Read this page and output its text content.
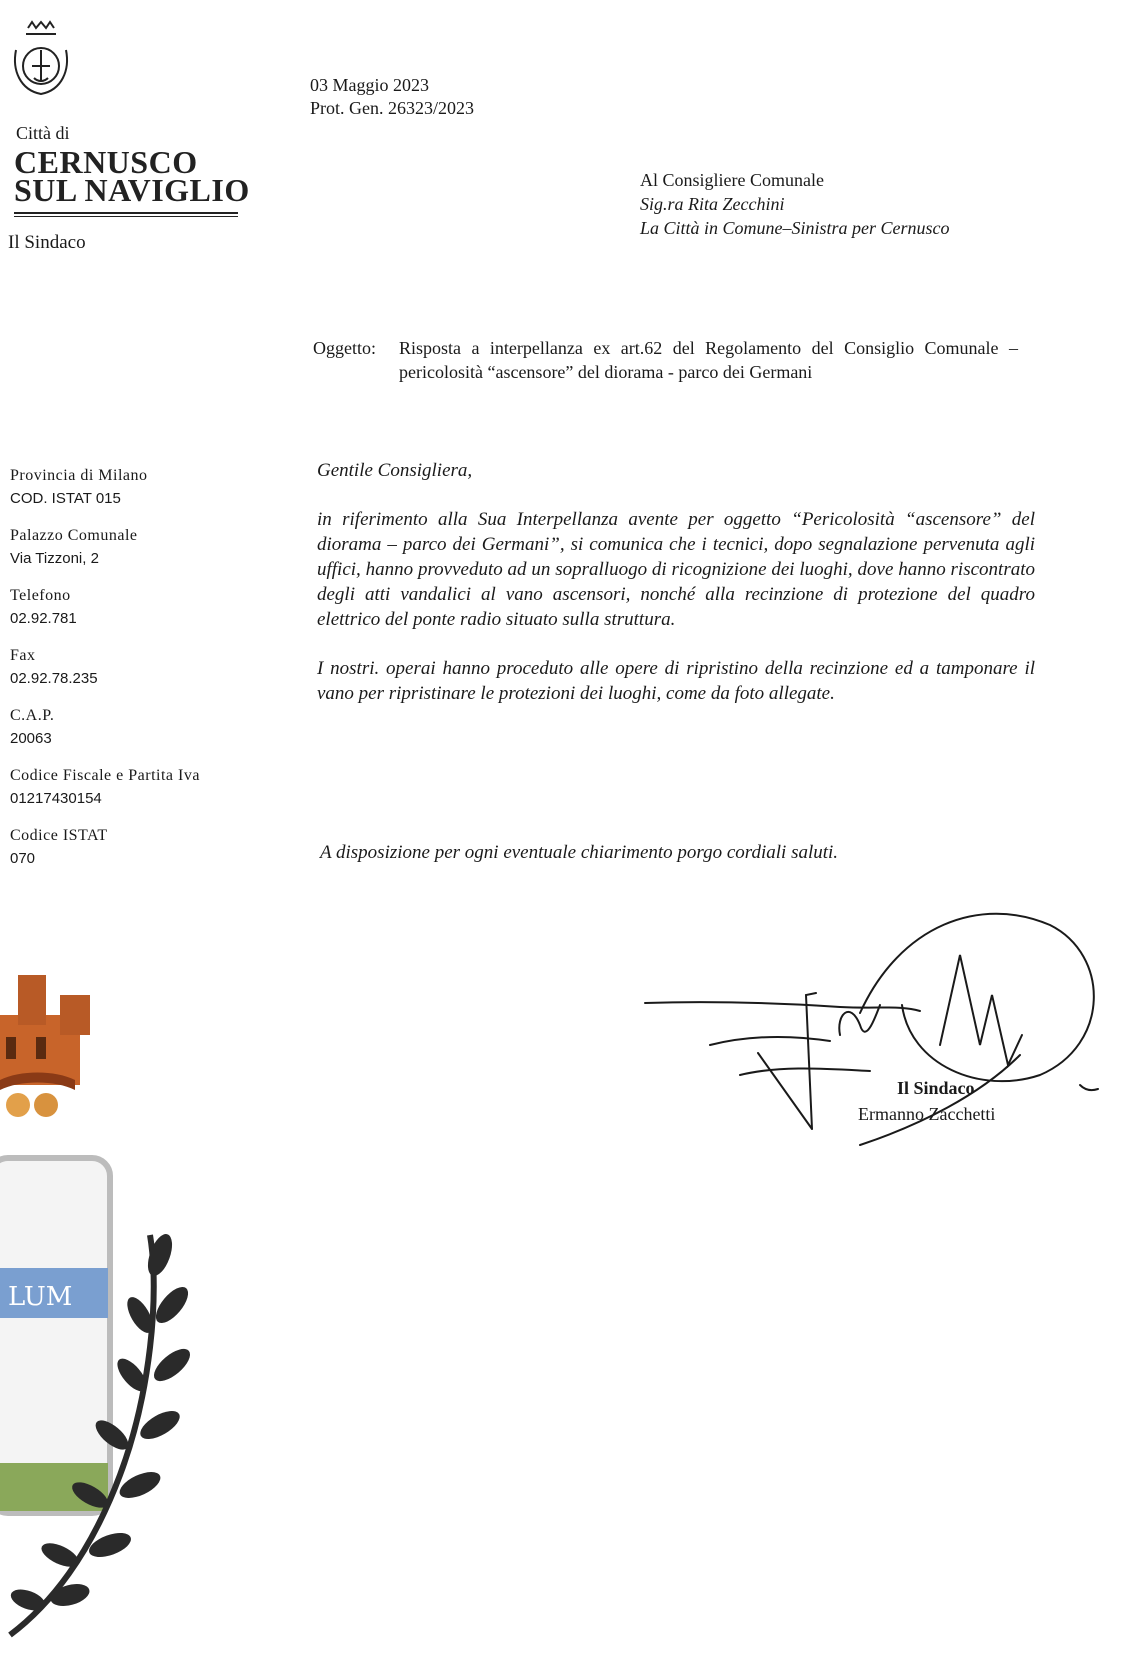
Città di
CERNUSCO
SUL NAVIGLIO
Il Sindaco
03 Maggio 2023
Prot. Gen. 26323/2023
Al Consigliere Comunale
Sig.ra Rita Zecchini
La Città in Comune–Sinistra per Cernusco
Oggetto:	Risposta a interpellanza ex art.62 del Regolamento del Consiglio Comunale – pericolosità “ascensore” del diorama - parco dei Germani
Provincia di Milano
COD. ISTAT 015
Palazzo Comunale
Via Tizzoni, 2
Telefono
02.92.781
Fax
02.92.78.235
C.A.P.
20063
Codice Fiscale e Partita Iva
01217430154
Codice ISTAT
070

Gentile Consigliera,

in riferimento alla Sua Interpellanza avente per oggetto “Pericolosità “ascensore” del diorama – parco dei Germani”, si comunica che i tecnici, dopo segnalazione pervenuta agli uffici, hanno provveduto ad un sopralluogo di ricognizione dei luoghi, dove hanno riscontrato degli atti vandalici al vano ascensori, nonché alla recinzione di protezione del quadro elettrico del ponte radio situato sulla struttura.

I nostri. operai hanno proceduto alle opere di ripristino della recinzione ed a tamponare il vano per ripristinare le protezioni dei luoghi, come da foto allegate.

A disposizione per ogni eventuale chiarimento porgo cordiali saluti.
Il Sindaco
Ermanno Zacchetti
LUM
